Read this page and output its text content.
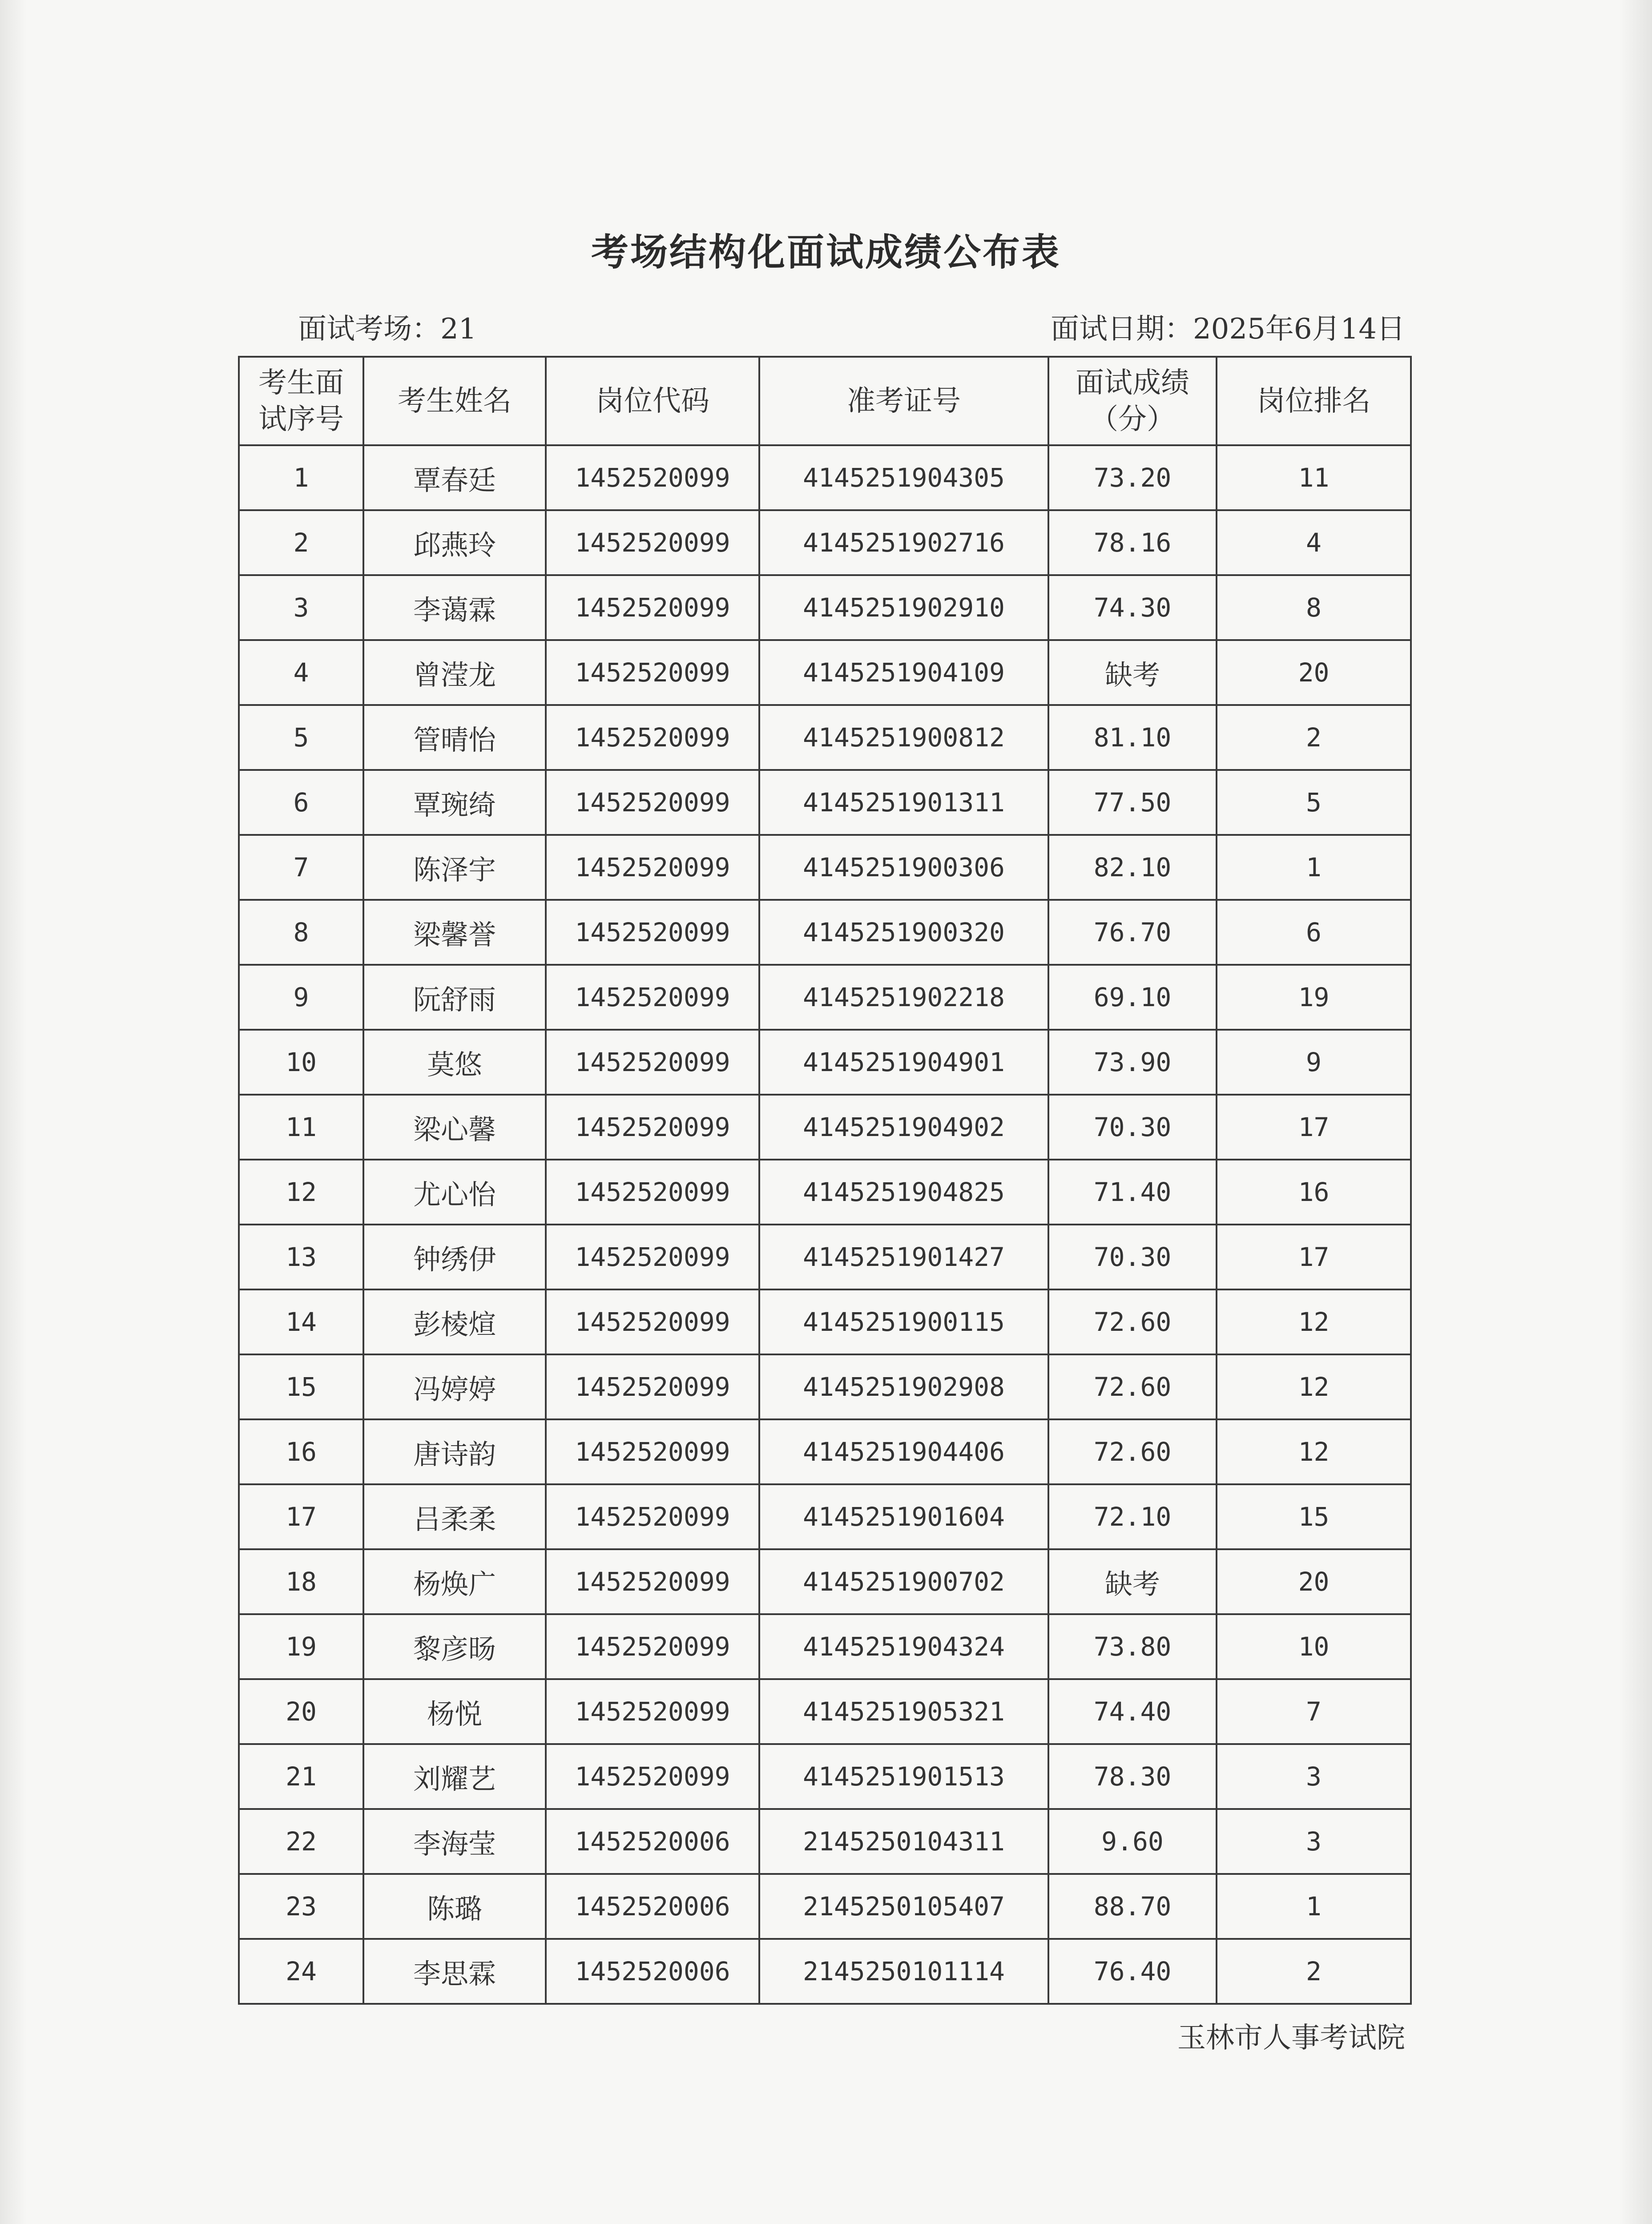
考场结构化面试成绩公布表
面试考场：21	面试日期：2025年6月14日
考生面试序号	考生姓名	岗位代码	准考证号	面试成绩（分）	岗位排名
1	覃春廷	1452520099	4145251904305	73.20	11
2	邱燕玲	1452520099	4145251902716	78.16	4
3	李蔼霖	1452520099	4145251902910	74.30	8
4	曾滢龙	1452520099	4145251904109	缺考	20
5	管晴怡	1452520099	4145251900812	81.10	2
6	覃琬绮	1452520099	4145251901311	77.50	5
7	陈泽宇	1452520099	4145251900306	82.10	1
8	梁馨誉	1452520099	4145251900320	76.70	6
9	阮舒雨	1452520099	4145251902218	69.10	19
10	莫悠	1452520099	4145251904901	73.90	9
11	梁心馨	1452520099	4145251904902	70.30	17
12	尤心怡	1452520099	4145251904825	71.40	16
13	钟绣伊	1452520099	4145251901427	70.30	17
14	彭棱煊	1452520099	4145251900115	72.60	12
15	冯婷婷	1452520099	4145251902908	72.60	12
16	唐诗韵	1452520099	4145251904406	72.60	12
17	吕柔柔	1452520099	4145251901604	72.10	15
18	杨焕广	1452520099	4145251900702	缺考	20
19	黎彦旸	1452520099	4145251904324	73.80	10
20	杨悦	1452520099	4145251905321	74.40	7
21	刘耀艺	1452520099	4145251901513	78.30	3
22	李海莹	1452520006	2145250104311	9.60	3
23	陈璐	1452520006	2145250105407	88.70	1
24	李思霖	1452520006	2145250101114	76.40	2
玉林市人事考试院
